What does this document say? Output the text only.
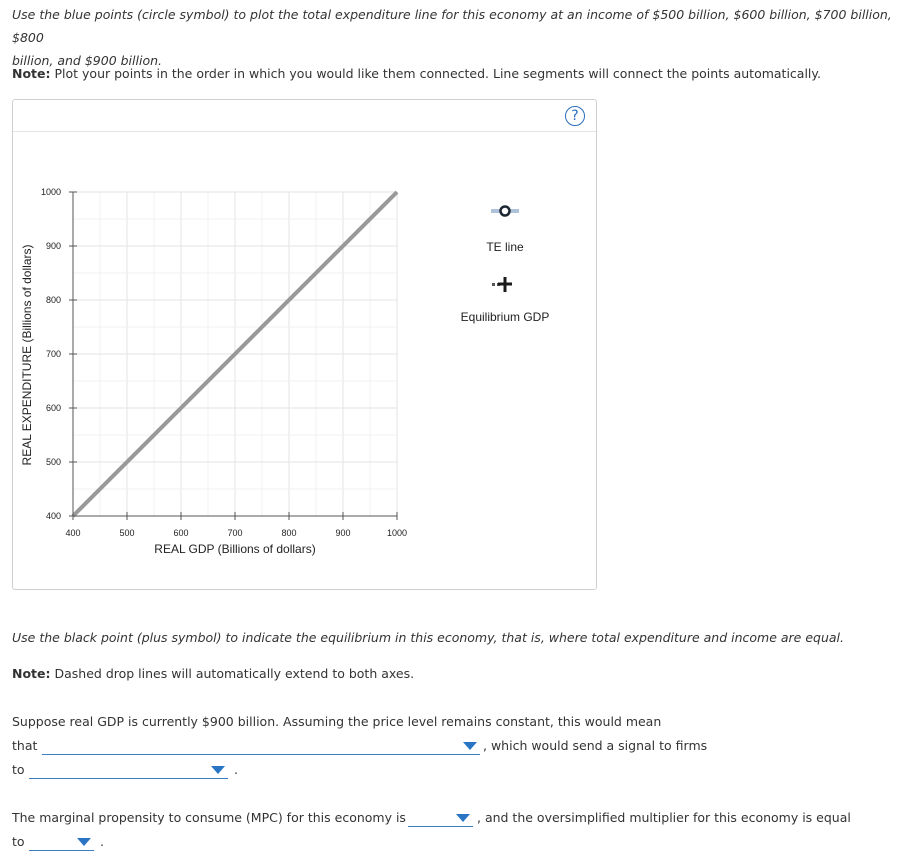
Use the blue points (circle symbol) to plot the total expenditure line for this economy at an income of $500 billion, $600 billion, $700 billion, $800
billion, and $900 billion.
Note: Plot your points in the order in which you would like them connected. Line segments will connect the points automatically.
?
400	500	600	700	800	900	1000
400
500
600
700
800
900
1000
REAL GDP (Billions of dollars)
REAL EXPENDITURE (Billions of dollars)	TE line
Equilibrium GDP
Use the black point (plus symbol) to indicate the equilibrium in this economy, that is, where total expenditure and income are equal.
Note: Dashed drop lines will automatically extend to both axes.
Suppose real GDP is currently $900 billion. Assuming the price level remains constant, this would mean
that	, which would send a signal to firms
to	.
The marginal propensity to consume (MPC) for this economy is	, and the oversimplified multiplier for this economy is equal
to	.
